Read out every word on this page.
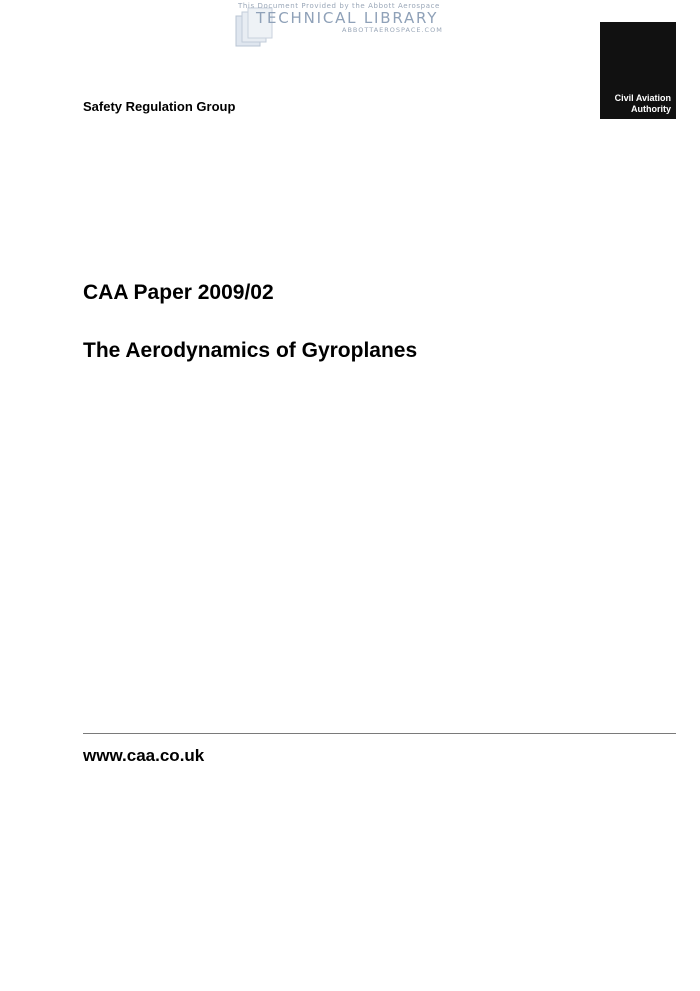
This Document Provided by the Abbott Aerospace
TECHNICAL LIBRARY
ABBOTTAEROSPACE.COM
Safety Regulation Group
Civil Aviation
Authority
CAA Paper 2009/02
The Aerodynamics of Gyroplanes
www.caa.co.uk
